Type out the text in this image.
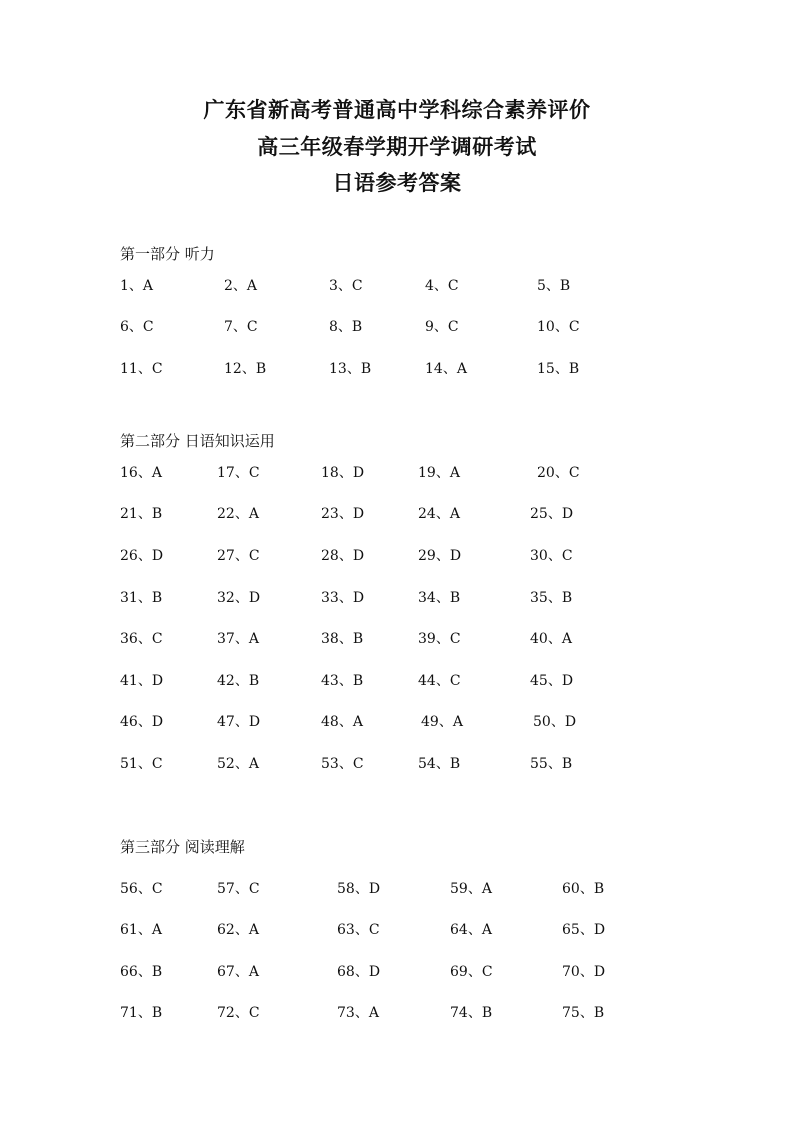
广东省新高考普通高中学科综合素养评价
高三年级春学期开学调研考试
日语参考答案
第一部分 听力
第二部分 日语知识运用
第三部分 阅读理解
1、A	2、A	3、C	4、C	5、B
6、C	7、C	8、B	9、C	10、C
11、C	12、B	13、B	14、A	15、B
16、A	17、C	18、D	19、A	20、C
21、B	22、A	23、D	24、A	25、D
26、D	27、C	28、D	29、D	30、C
31、B	32、D	33、D	34、B	35、B
36、C	37、A	38、B	39、C	40、A
41、D	42、B	43、B	44、C	45、D
46、D	47、D	48、A	49、A	50、D
51、C	52、A	53、C	54、B	55、B
56、C	57、C	58、D	59、A	60、B
61、A	62、A	63、C	64、A	65、D
66、B	67、A	68、D	69、C	70、D
71、B	72、C	73、A	74、B	75、B
